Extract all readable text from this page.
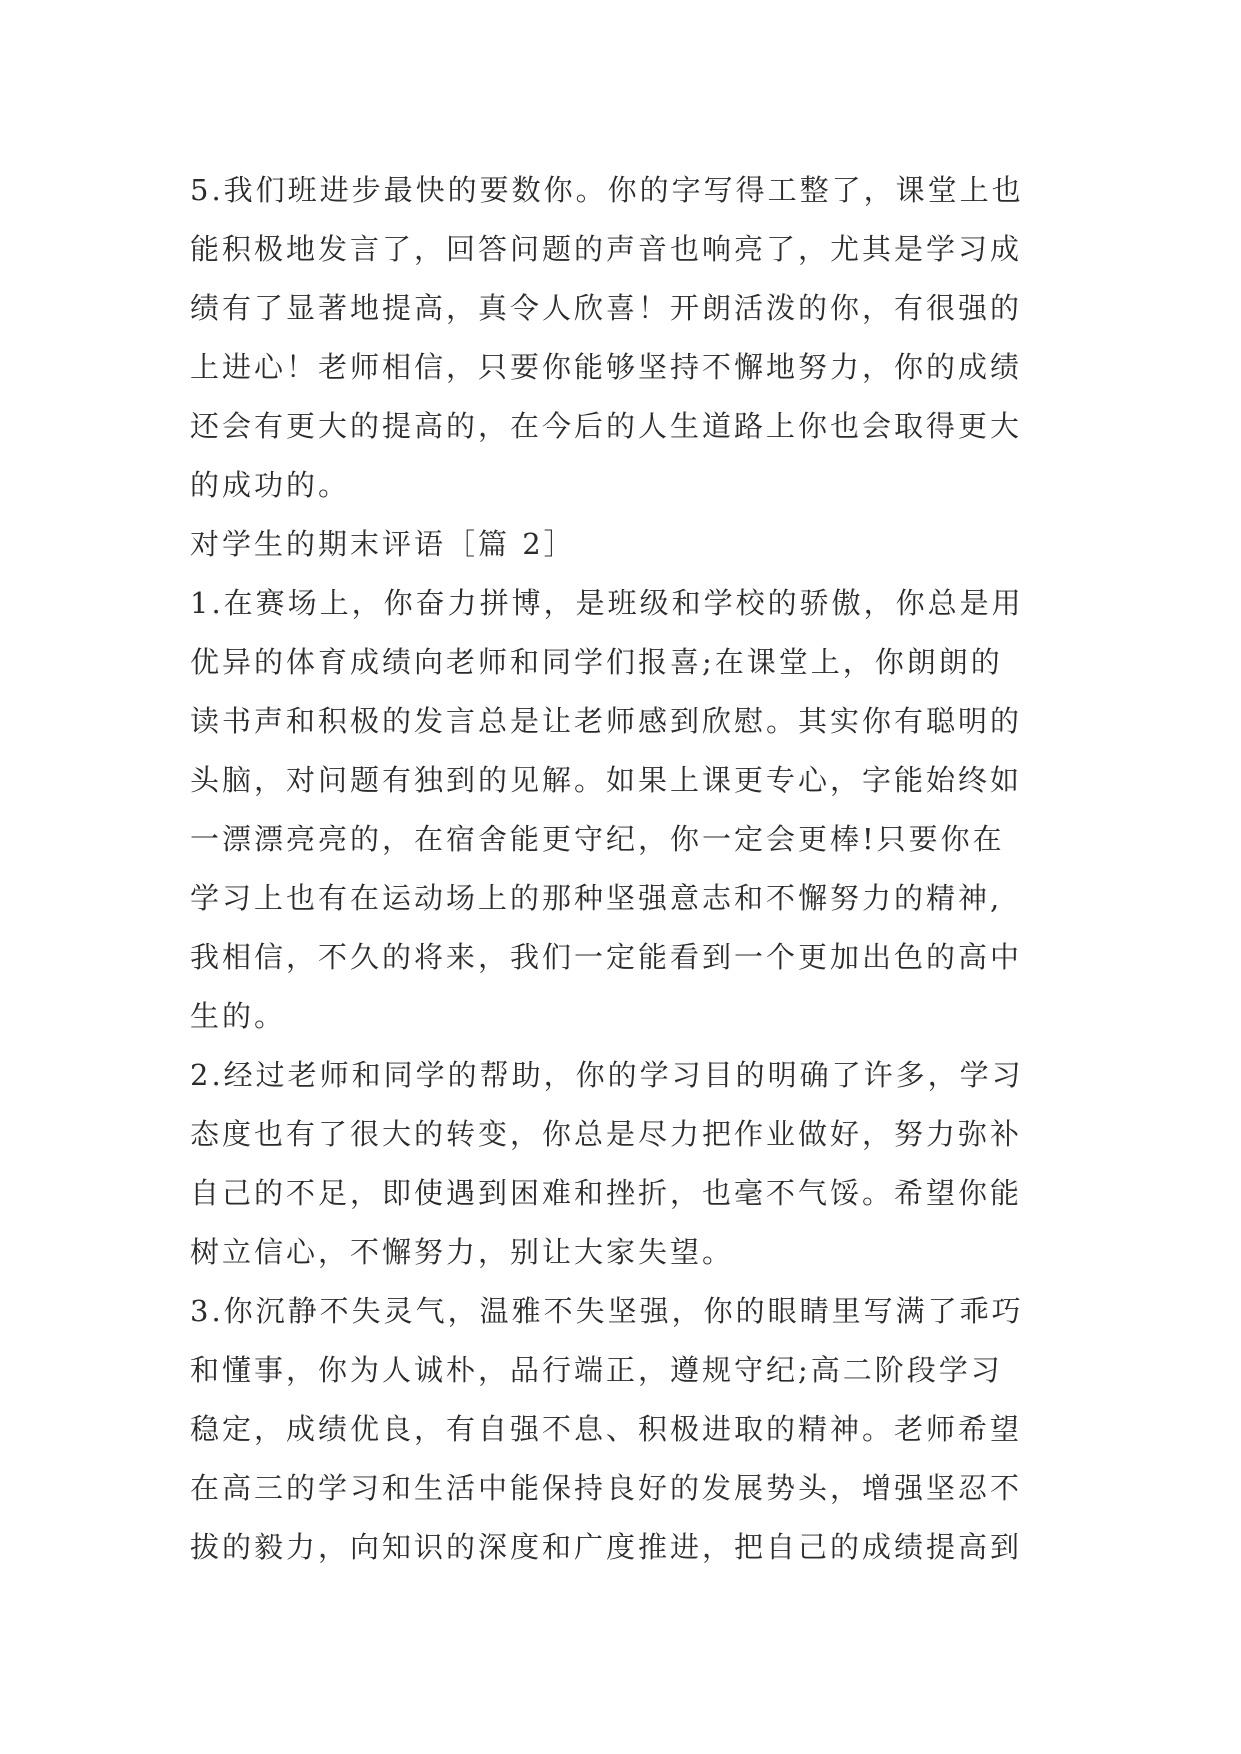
5.我们班进步最快的要数你。你的字写得工整了，课堂上也
能积极地发言了，回答问题的声音也响亮了，尤其是学习成
绩有了显著地提高，真令人欣喜！开朗活泼的你，有很强的
上进心！老师相信，只要你能够坚持不懈地努力，你的成绩
还会有更大的提高的，在今后的人生道路上你也会取得更大
的成功的。
对学生的期末评语［篇 2］
1.在赛场上，你奋力拼博，是班级和学校的骄傲，你总是用
优异的体育成绩向老师和同学们报喜;在课堂上，你朗朗的
读书声和积极的发言总是让老师感到欣慰。其实你有聪明的
头脑，对问题有独到的见解。如果上课更专心，字能始终如
一漂漂亮亮的，在宿舍能更守纪，你一定会更棒!只要你在
学习上也有在运动场上的那种坚强意志和不懈努力的精神,
我相信，不久的将来，我们一定能看到一个更加出色的高中
生的。
2.经过老师和同学的帮助，你的学习目的明确了许多，学习
态度也有了很大的转变，你总是尽力把作业做好，努力弥补
自己的不足，即使遇到困难和挫折，也毫不气馁。希望你能
树立信心，不懈努力，别让大家失望。
3.你沉静不失灵气，温雅不失坚强，你的眼睛里写满了乖巧
和懂事，你为人诚朴，品行端正，遵规守纪;高二阶段学习
稳定，成绩优良，有自强不息、积极进取的精神。老师希望
在高三的学习和生活中能保持良好的发展势头，增强坚忍不
拔的毅力，向知识的深度和广度推进，把自己的成绩提高到
